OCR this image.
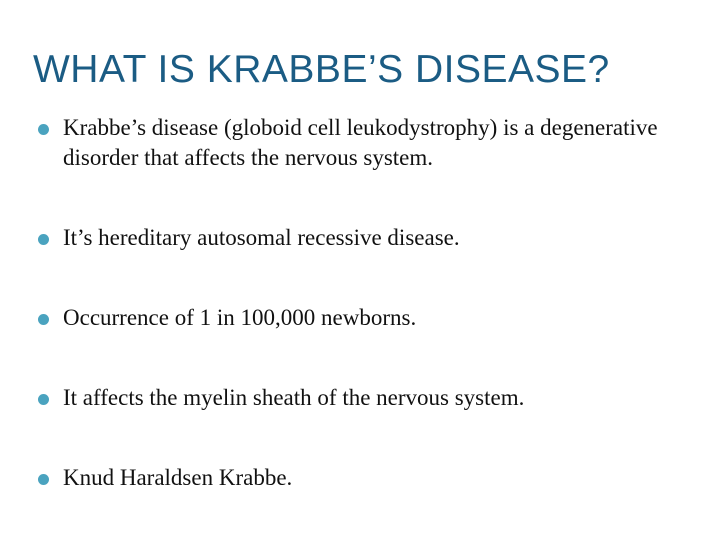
WHAT IS KRABBE’S DISEASE?
Krabbe’s disease (globoid cell leukodystrophy) is a degenerative disorder that affects the nervous system.
It’s hereditary autosomal recessive disease.
Occurrence of 1 in 100,000 newborns.
It affects the myelin sheath of the nervous system.
Knud Haraldsen Krabbe.
